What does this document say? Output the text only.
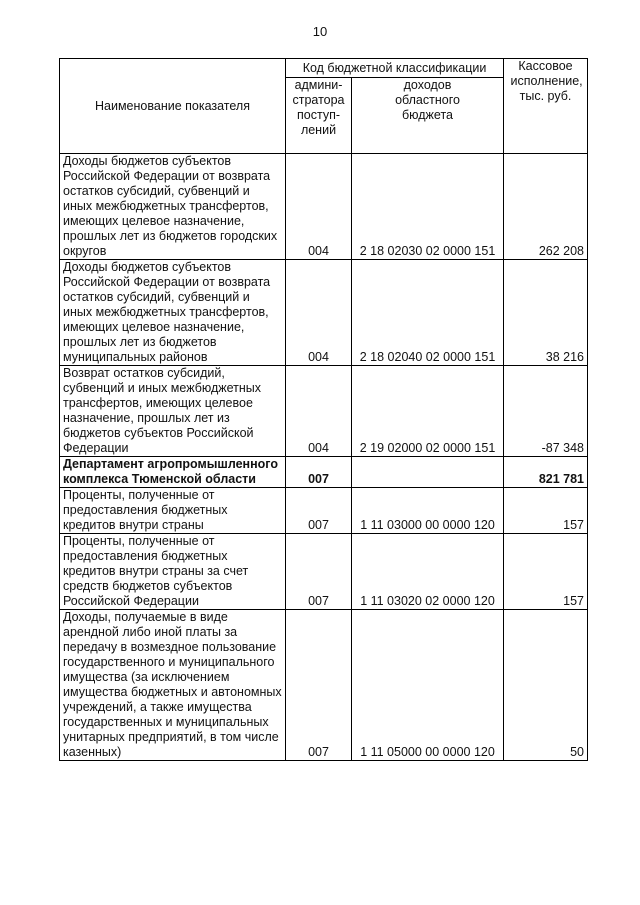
10
Наименование показателя	Код бюджетной классификации		Кассовое исполнение, тыс. руб.

	админи-стратора поступ-лений	доходов областного бюджета	

Доходы бюджетов субъектов Российской Федерации от возврата остатков субсидий, субвенций и иных межбюджетных трансфертов, имеющих целевое назначение, прошлых лет из бюджетов городских округов	004	2 18 02030 02 0000 151	262 208
Доходы бюджетов субъектов Российской Федерации от возврата остатков субсидий, субвенций и иных межбюджетных трансфертов, имеющих целевое назначение, прошлых лет из бюджетов муниципальных районов	004	2 18 02040 02 0000 151	38 216
Возврат остатков субсидий, субвенций и иных межбюджетных трансфертов, имеющих целевое назначение, прошлых лет из бюджетов субъектов Российской Федерации	004	2 19 02000 02 0000 151	-87 348
Департамент агропромышленного комплекса Тюменской области	007		821 781
Проценты, полученные от предоставления бюджетных кредитов внутри страны	007	1 11 03000 00 0000 120	157
Проценты, полученные от предоставления бюджетных кредитов внутри страны за счет средств бюджетов субъектов Российской Федерации	007	1 11 03020 02 0000 120	157
Доходы, получаемые в виде арендной либо иной платы за передачу в возмездное пользование государственного и муниципального имущества (за исключением имущества бюджетных и автономных учреждений, а также имущества государственных и муниципальных унитарных предприятий, в том числе казенных)	007	1 11 05000 00 0000 120	50
